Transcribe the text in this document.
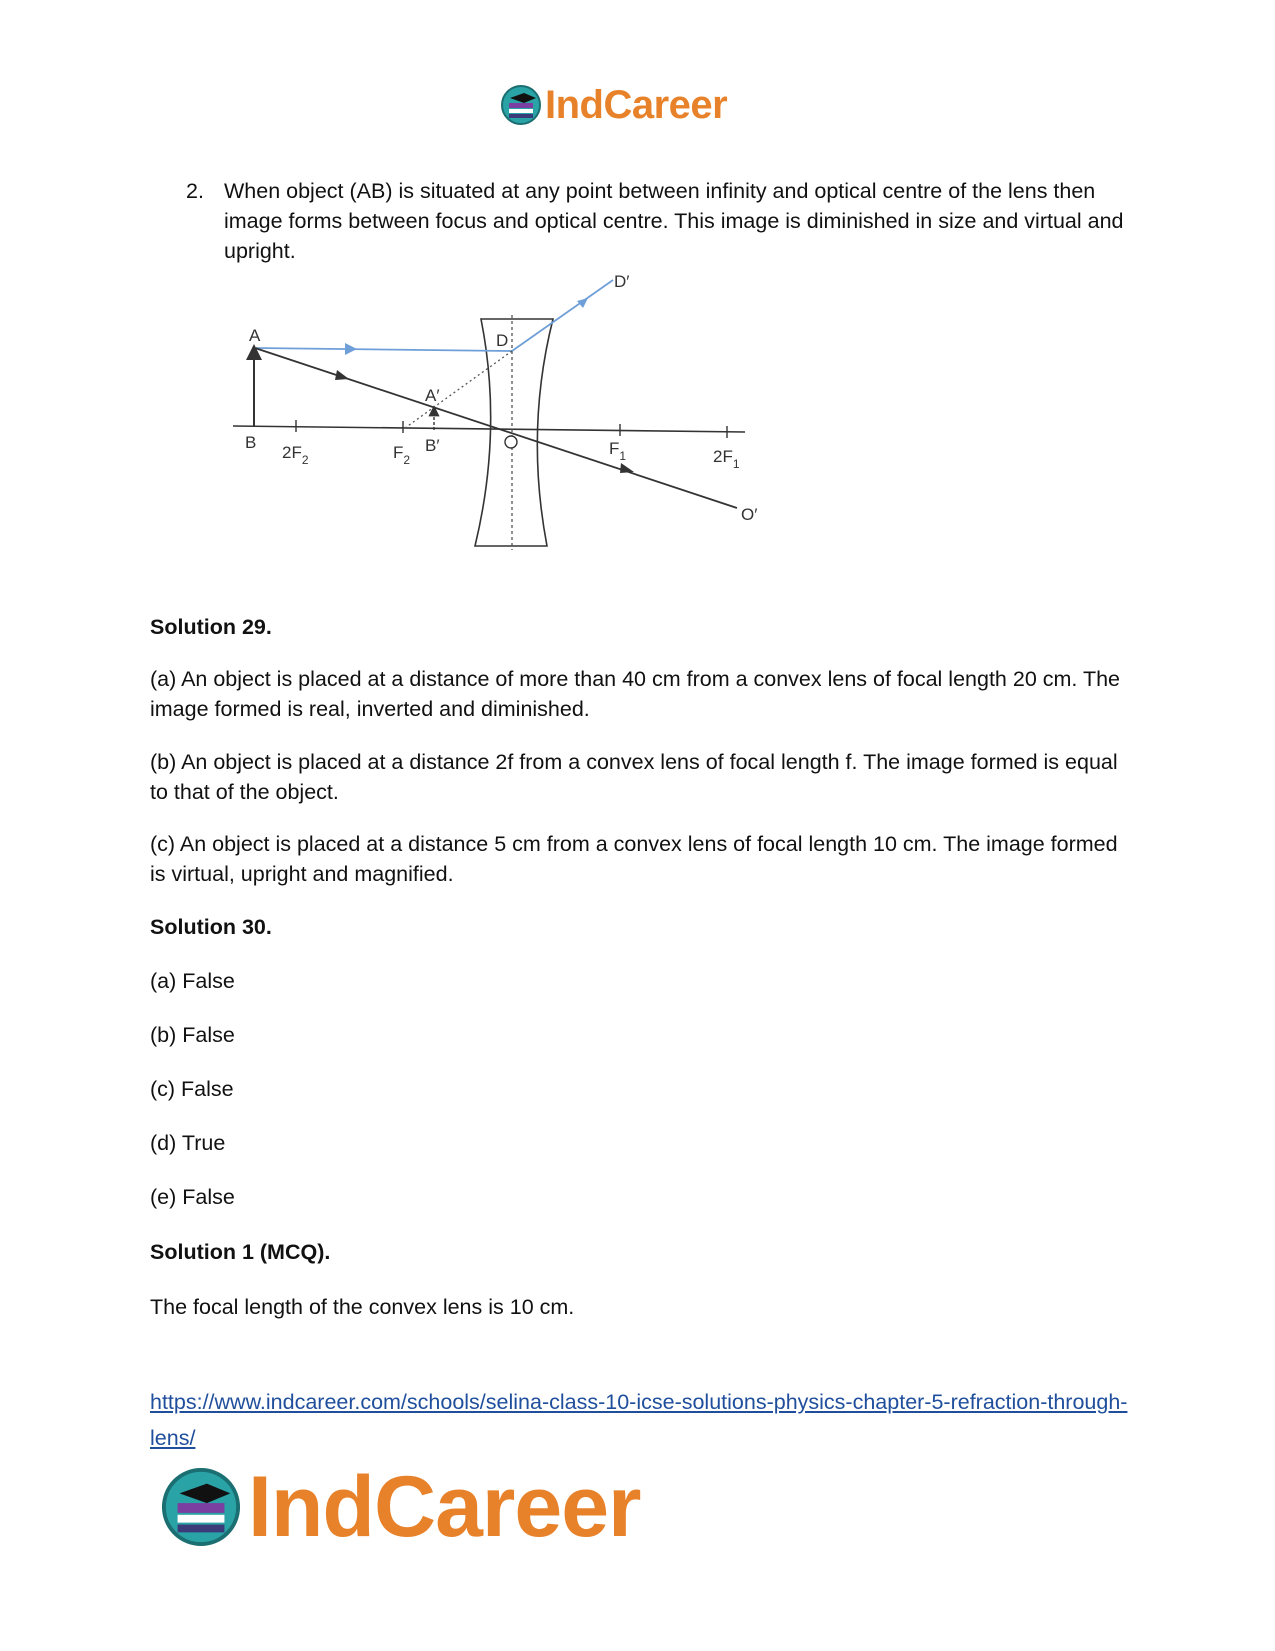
IndCareer
2. When object (AB) is situated at any point between infinity and optical centre of the lens then image forms between focus and optical centre. This image is diminished in size and virtual and upright.
A
B
A′
B′
D
D′
O′
$2F_2$	$F_2$
$F_1$	$2F_1$
Solution 29.
(a) An object is placed at a distance of more than 40 cm from a convex lens of focal length 20 cm. The image formed is real, inverted and diminished.
(b) An object is placed at a distance 2f from a convex lens of focal length f. The image formed is equal to that of the object.
(c) An object is placed at a distance 5 cm from a convex lens of focal length 10 cm. The image formed is virtual, upright and magnified.
Solution 30.
(a) False
(b) False
(c) False
(d) True
(e) False
Solution 1 (MCQ).
The focal length of the convex lens is 10 cm.
https://www.indcareer.com/schools/selina-class-10-icse-solutions-physics-chapter-5-refraction-through-lens/
IndCareer
